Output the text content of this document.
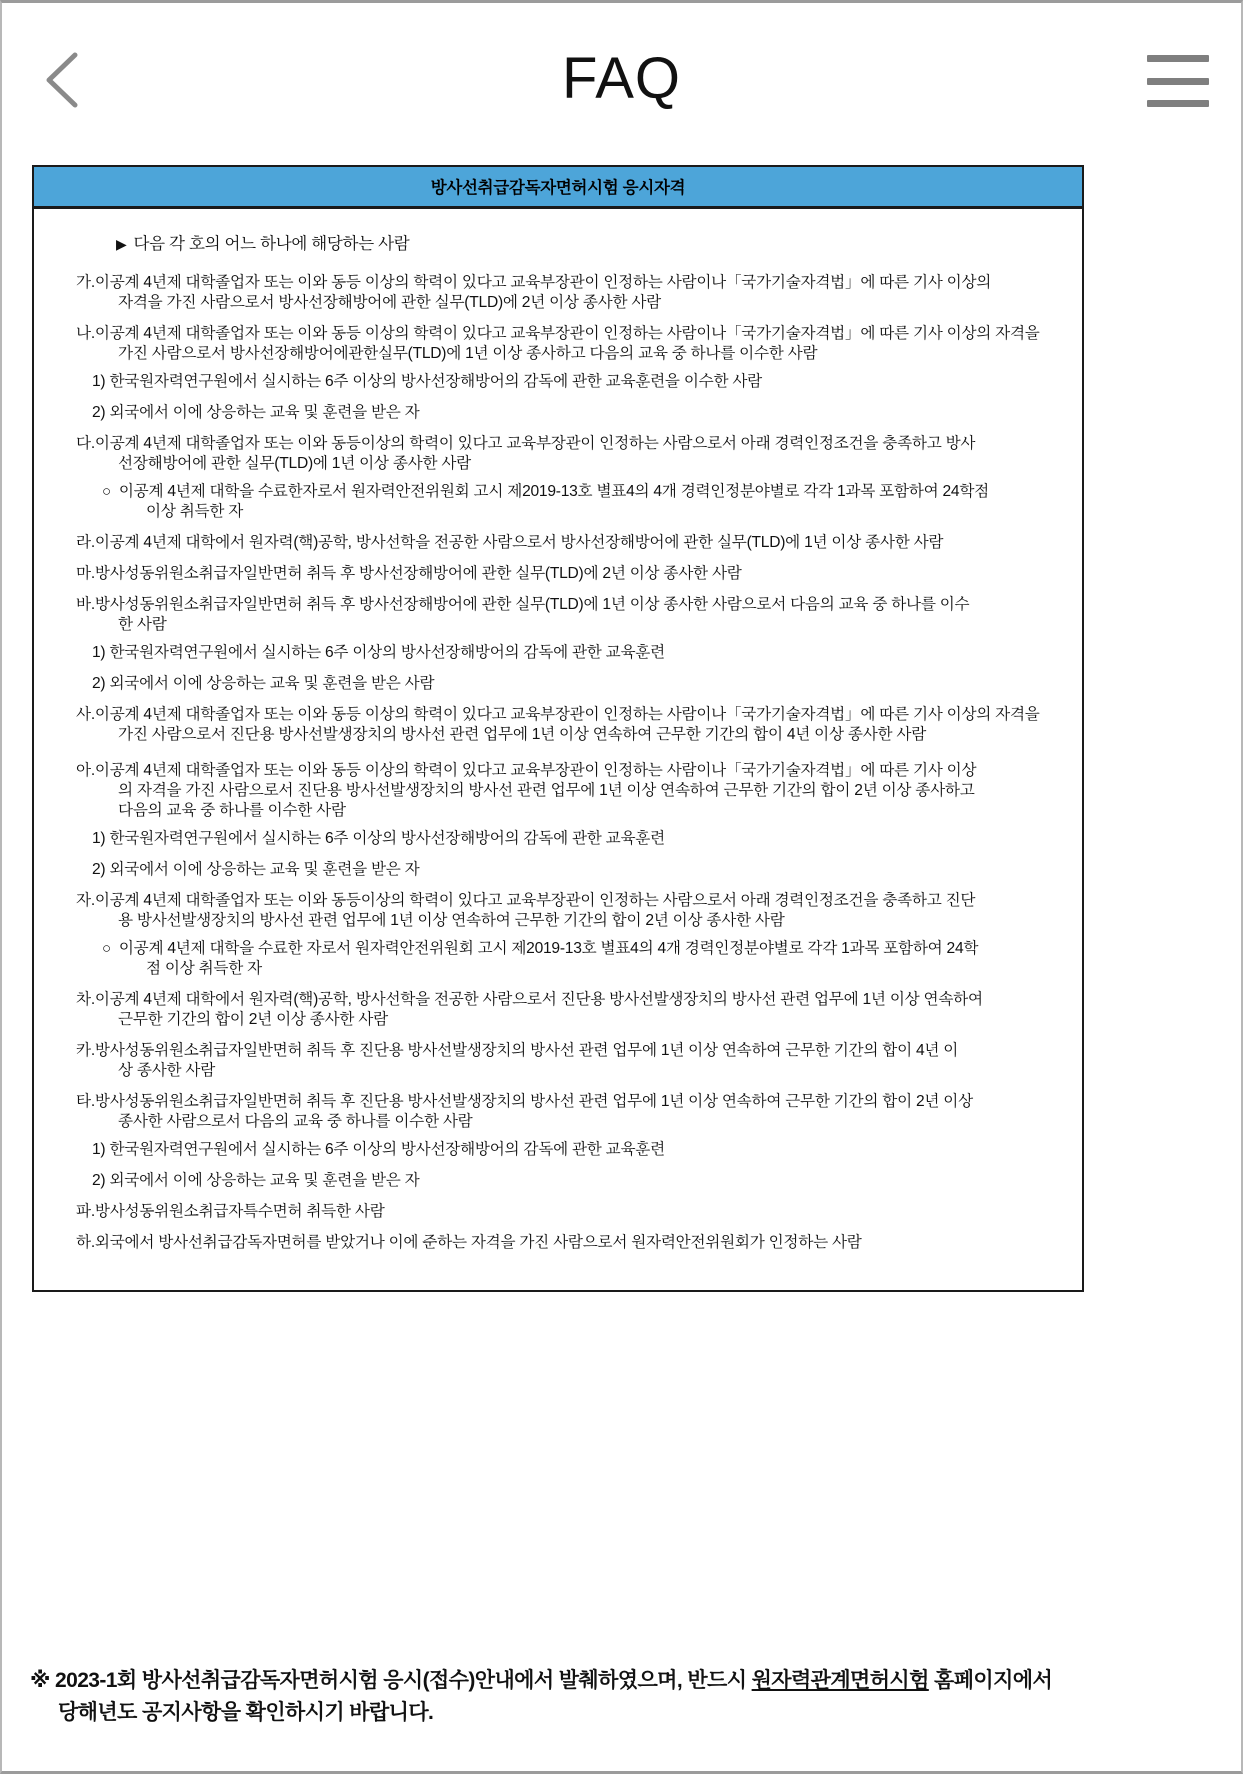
FAQ
방사선취급감독자면허시험 응시자격
▶ 다음 각 호의 어느 하나에 해당하는 사람
가.이공계 4년제 대학졸업자 또는 이와 동등 이상의 학력이 있다고 교육부장관이 인정하는 사람이나「국가기술자격법」에 따른 기사 이상의
자격을 가진 사람으로서 방사선장해방어에 관한 실무(TLD)에 2년 이상 종사한 사람
나.이공계 4년제 대학졸업자 또는 이와 동등 이상의 학력이 있다고 교육부장관이 인정하는 사람이나「국가기술자격법」에 따른 기사 이상의 자격을
가진 사람으로서 방사선장해방어에관한실무(TLD)에 1년 이상 종사하고 다음의 교육 중 하나를 이수한 사람
1) 한국원자력연구원에서 실시하는 6주 이상의 방사선장해방어의 감독에 관한 교육훈련을 이수한 사람
2) 외국에서 이에 상응하는 교육 및 훈련을 받은 자
다.이공계 4년제 대학졸업자 또는 이와 동등이상의 학력이 있다고 교육부장관이 인정하는 사람으로서 아래 경력인정조건을 충족하고 방사
선장해방어에 관한 실무(TLD)에 1년 이상 종사한 사람
○ 이공계 4년제 대학을 수료한자로서 원자력안전위원회 고시 제2019-13호 별표4의 4개 경력인정분야별로 각각 1과목 포함하여 24학점
이상 취득한 자
라.이공계 4년제 대학에서 원자력(핵)공학, 방사선학을 전공한 사람으로서 방사선장해방어에 관한 실무(TLD)에 1년 이상 종사한 사람
마.방사성동위원소취급자일반면허 취득 후 방사선장해방어에 관한 실무(TLD)에 2년 이상 종사한 사람
바.방사성동위원소취급자일반면허 취득 후 방사선장해방어에 관한 실무(TLD)에 1년 이상 종사한 사람으로서 다음의 교육 중 하나를 이수
한 사람
1) 한국원자력연구원에서 실시하는 6주 이상의 방사선장해방어의 감독에 관한 교육훈련
2) 외국에서 이에 상응하는 교육 및 훈련을 받은 사람
사.이공계 4년제 대학졸업자 또는 이와 동등 이상의 학력이 있다고 교육부장관이 인정하는 사람이나「국가기술자격법」에 따른 기사 이상의 자격을
가진 사람으로서 진단용 방사선발생장치의 방사선 관련 업무에 1년 이상 연속하여 근무한 기간의 합이 4년 이상 종사한 사람
아.이공계 4년제 대학졸업자 또는 이와 동등 이상의 학력이 있다고 교육부장관이 인정하는 사람이나「국가기술자격법」에 따른 기사 이상
의 자격을 가진 사람으로서 진단용 방사선발생장치의 방사선 관련 업무에 1년 이상 연속하여 근무한 기간의 합이 2년 이상 종사하고
다음의 교육 중 하나를 이수한 사람
1) 한국원자력연구원에서 실시하는 6주 이상의 방사선장해방어의 감독에 관한 교육훈련
2) 외국에서 이에 상응하는 교육 및 훈련을 받은 자
자.이공계 4년제 대학졸업자 또는 이와 동등이상의 학력이 있다고 교육부장관이 인정하는 사람으로서 아래 경력인정조건을 충족하고 진단
용 방사선발생장치의 방사선 관련 업무에 1년 이상 연속하여 근무한 기간의 합이 2년 이상 종사한 사람
○ 이공계 4년제 대학을 수료한 자로서 원자력안전위원회 고시 제2019-13호 별표4의 4개 경력인정분야별로 각각 1과목 포함하여 24학
점 이상 취득한 자
차.이공계 4년제 대학에서 원자력(핵)공학, 방사선학을 전공한 사람으로서 진단용 방사선발생장치의 방사선 관련 업무에 1년 이상 연속하여
근무한 기간의 합이 2년 이상 종사한 사람
카.방사성동위원소취급자일반면허 취득 후 진단용 방사선발생장치의 방사선 관련 업무에 1년 이상 연속하여 근무한 기간의 합이 4년 이
상 종사한 사람
타.방사성동위원소취급자일반면허 취득 후 진단용 방사선발생장치의 방사선 관련 업무에 1년 이상 연속하여 근무한 기간의 합이 2년 이상
종사한 사람으로서 다음의 교육 중 하나를 이수한 사람
1) 한국원자력연구원에서 실시하는 6주 이상의 방사선장해방어의 감독에 관한 교육훈련
2) 외국에서 이에 상응하는 교육 및 훈련을 받은 자
파.방사성동위원소취급자특수면허 취득한 사람
하.외국에서 방사선취급감독자면허를 받았거나 이에 준하는 자격을 가진 사람으로서 원자력안전위원회가 인정하는 사람
※ 2023-1회 방사선취급감독자면허시험 응시(접수)안내에서 발췌하였으며, 반드시 원자력관계면허시험 홈페이지에서
당해년도 공지사항을 확인하시기 바랍니다.
